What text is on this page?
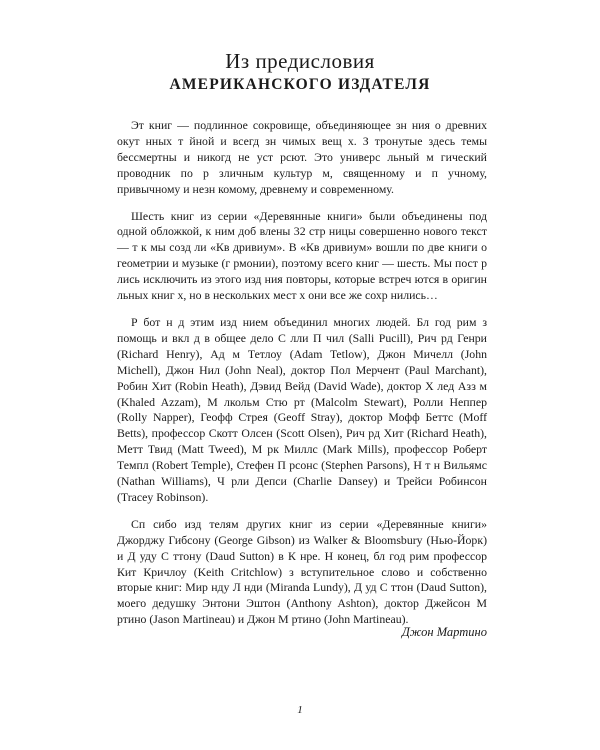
Из предисловия
АМЕРИКАНСКОГО ИЗДАТЕЛЯ

Эт книг — подлинное сокровище, объединяющее зн ния о древних окут нных т йной и всегд зн чимых вещ х. З тронутые здесь темы бессмертны и никогд не уст рсют. Это универс льный м гический проводник по р зличным культур м, священному и п учному, привычному и незн комому, древнему и современному.

Шесть книг из серии «Деревянные книги» были объединены под одной обложкой, к ним доб влены 32 стр ницы совершенно нового текст — т к мы созд ли «Кв дривиум». В «Кв дривиум» вошли по две книги о геометрии и музыке (г рмонии), поэтому всего книг — шесть. Мы пост р лись исключить из этого изд ния повторы, которые встреч ются в оригин льных книг х, но в нескольких мест х они все же сохр нились…

Р бот н д этим изд нием объединил многих людей. Бл год рим з помощь и вкл д в общее дело С лли П чил (Salli Pucill), Рич рд Генри (Richard Henry), Ад м Тетлоу (Adam Tetlow), Джон Мичелл (John Michell), Джон Нил (John Neal), доктор Пол Мерчент (Paul Marchant), Робин Хит (Robin Heath), Дэвид Вейд (David Wade), доктор Х лед Азз м (Khaled Azzam), М лкольм Стю рт (Malcolm Stewart), Ролли Неппер (Rolly Napper), Геофф Стрея (Geoff Stray), доктор Мофф Беттс (Moff Betts), профессор Скотт Олсен (Scott Olsen), Рич рд Хит (Richard Heath), Метт Твид (Matt Tweed), М рк Миллс (Mark Mills), профессор Роберт Темпл (Robert Temple), Стефен П рсонс (Stephen Parsons), Н т н Вильямс (Nathan Williams), Ч рли Депси (Charlie Dansey) и Трейси Робинсон (Tracey Robinson).

Сп сибо изд телям других книг из серии «Деревянные книги» Джорджу Гибсону (George Gibson) из Walker & Bloomsbury (Нью-Йорк) и Д уду С ттону (Daud Sutton) в К нре. Н конец, бл год рим профессор Кит Кричлоу (Keith Critchlow) з вступительное слово и собственно вторые книг: Мир нду Л нди (Miranda Lundy), Д уд С ттон (Daud Sutton), моего дедушку Энтони Эштон (Anthony Ashton), доктор Джейсон М ртино (Jason Martineau) и Джон М ртино (John Martineau).

Джон Мартино
1
